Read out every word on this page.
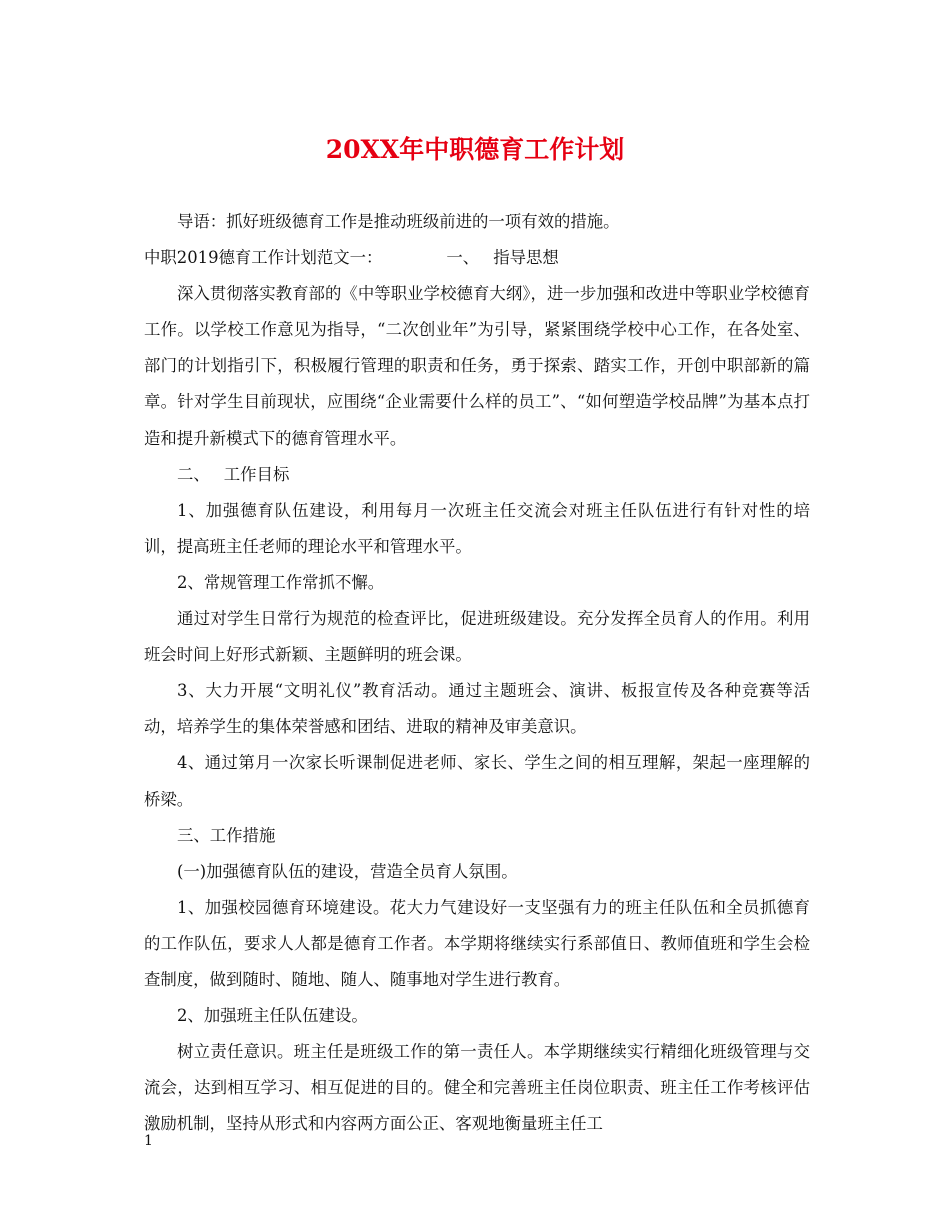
20XX年中职德育工作计划

导语：抓好班级德育工作是推动班级前进的一项有效的措施。

中职2019德育工作计划范文一：	一、 指导思想

深入贯彻落实教育部的《中等职业学校德育大纲》，进一步加强和改进中等职业学校德育工作。以学校工作意见为指导，“二次创业年”为引导，紧紧围绕学校中心工作，在各处室、部门的计划指引下，积极履行管理的职责和任务，勇于探索、踏实工作，开创中职部新的篇章。针对学生目前现状，应围绕“企业需要什么样的员工”、“如何塑造学校品牌”为基本点打造和提升新模式下的德育管理水平。

二、 工作目标

1、加强德育队伍建设，利用每月一次班主任交流会对班主任队伍进行有针对性的培训，提高班主任老师的理论水平和管理水平。

2、常规管理工作常抓不懈。

通过对学生日常行为规范的检查评比，促进班级建设。充分发挥全员育人的作用。利用班会时间上好形式新颖、主题鲜明的班会课。

3、大力开展“文明礼仪”教育活动。通过主题班会、演讲、板报宣传及各种竞赛等活动，培养学生的集体荣誉感和团结、进取的精神及审美意识。

4、通过第月一次家长听课制促进老师、家长、学生之间的相互理解，架起一座理解的桥梁。

三、工作措施

(一)加强德育队伍的建设，营造全员育人氛围。

1、加强校园德育环境建设。花大力气建设好一支坚强有力的班主任队伍和全员抓德育的工作队伍，要求人人都是德育工作者。本学期将继续实行系部值日、教师值班和学生会检查制度，做到随时、随地、随人、随事地对学生进行教育。

2、加强班主任队伍建设。

树立责任意识。班主任是班级工作的第一责任人。本学期继续实行精细化班级管理与交流会，达到相互学习、相互促进的目的。健全和完善班主任岗位职责、班主任工作考核评估激励机制，坚持从形式和内容两方面公正、客观地衡量班主任工

1
